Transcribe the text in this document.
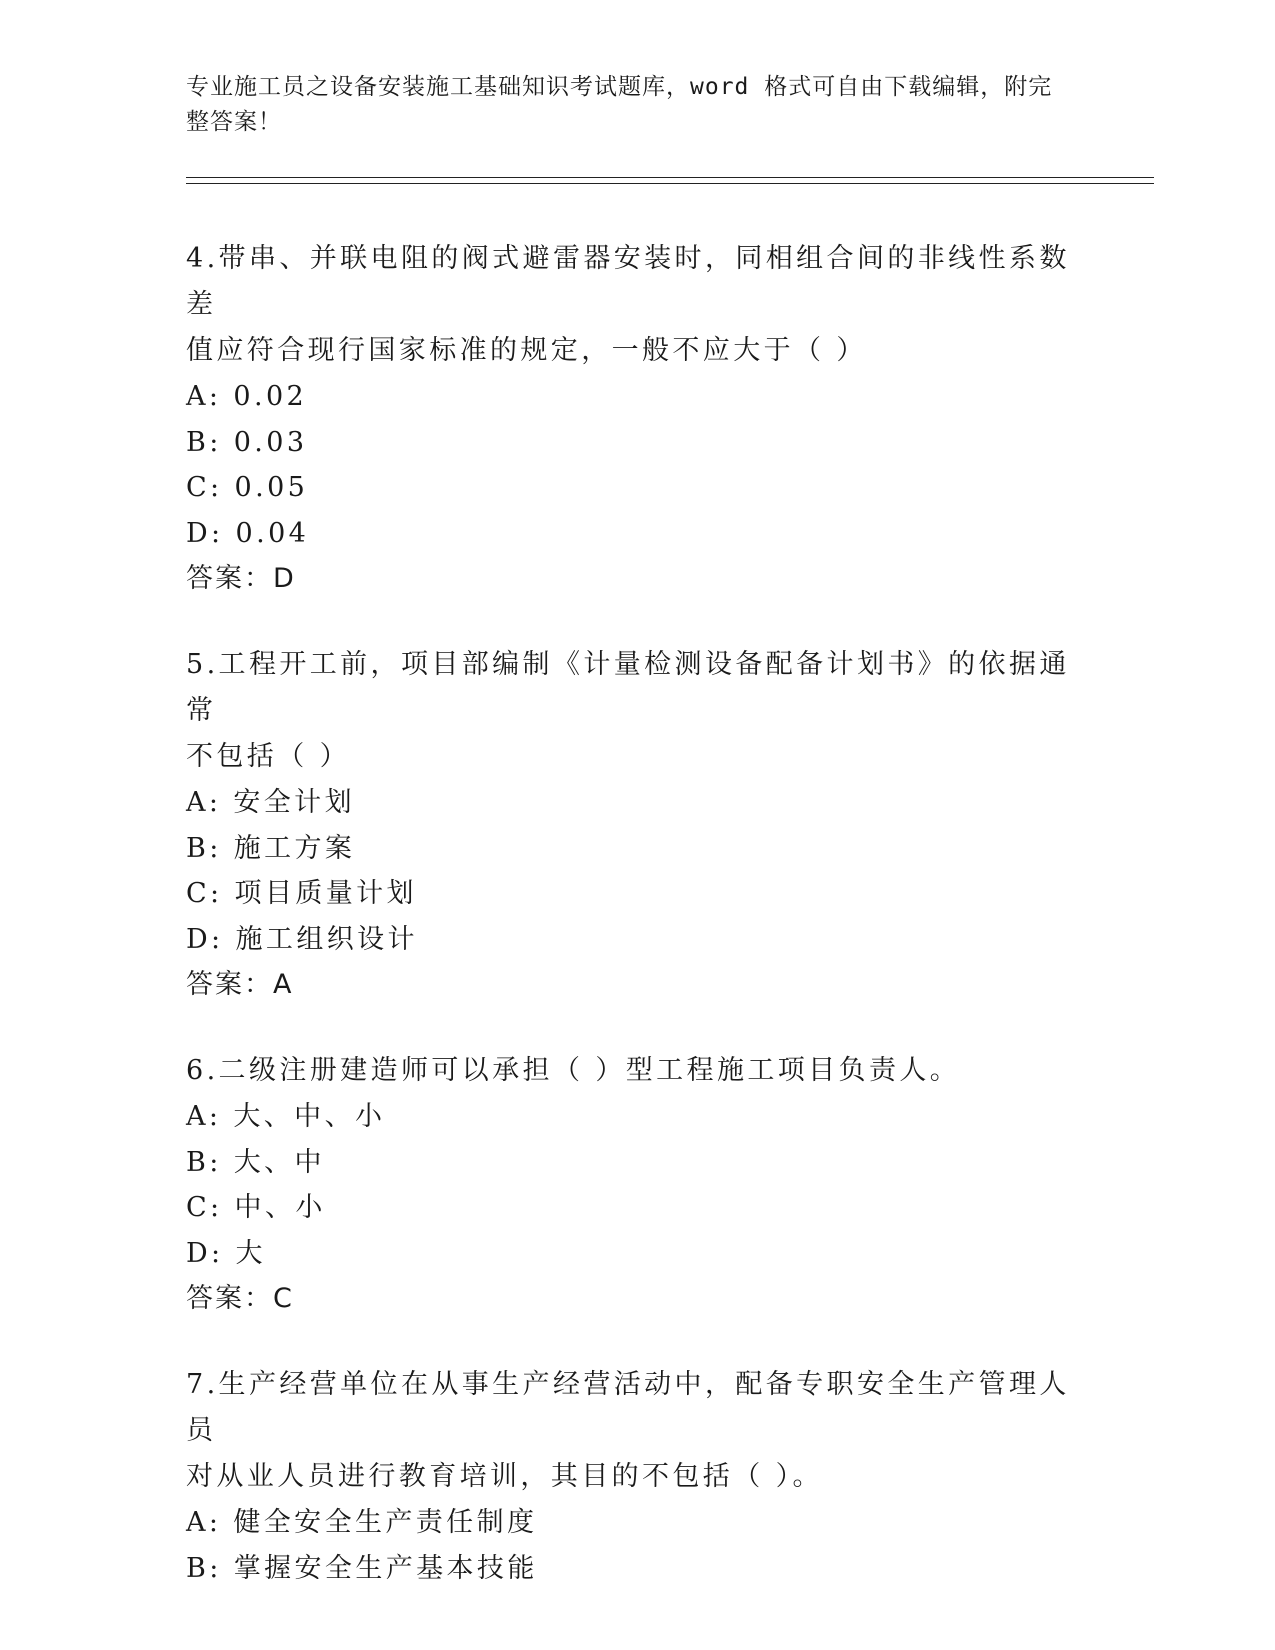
专业施工员之设备安装施工基础知识考试题库，word 格式可自由下载编辑，附完
整答案！

4.带串、并联电阻的阀式避雷器安装时，同相组合间的非线性系数差

值应符合现行国家标准的规定，一般不应大于（ ）

A: 0.02

B: 0.03

C: 0.05

D: 0.04

答案：D

5.工程开工前，项目部编制《计量检测设备配备计划书》的依据通常

不包括（ ）

A: 安全计划

B: 施工方案

C: 项目质量计划

D: 施工组织设计

答案：A

6.二级注册建造师可以承担（ ）型工程施工项目负责人。

A: 大、中、小

B: 大、中

C: 中、小

D: 大

答案：C

7.生产经营单位在从事生产经营活动中，配备专职安全生产管理人员

对从业人员进行教育培训，其目的不包括（ ）。

A: 健全安全生产责任制度

B: 掌握安全生产基本技能
